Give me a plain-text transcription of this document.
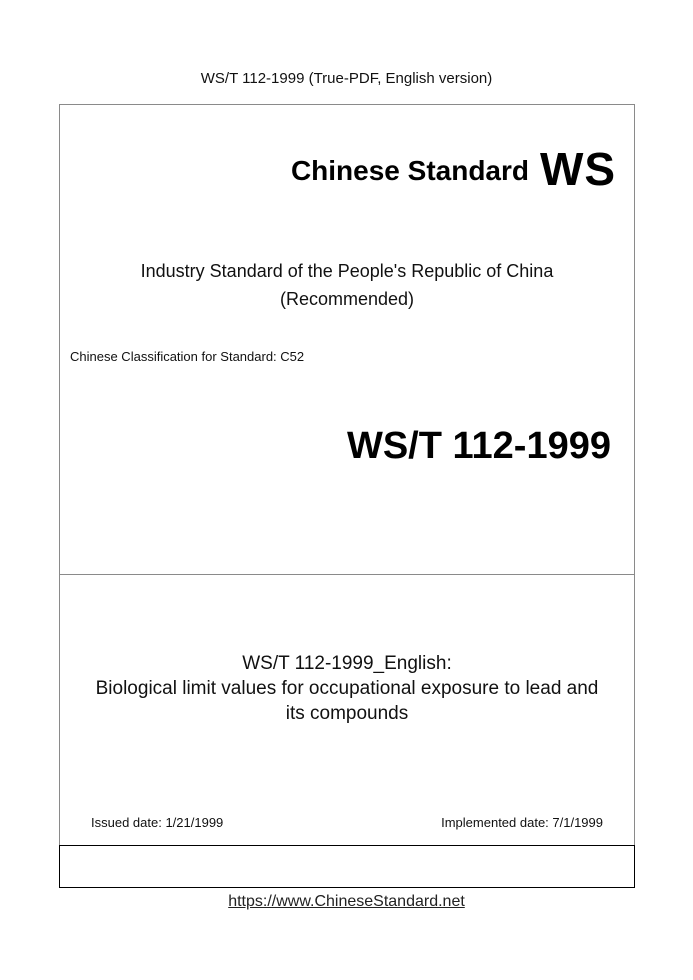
WS/T 112-1999 (True-PDF, English version)
Chinese Standard WS
Industry Standard of the People's Republic of China
(Recommended)
Chinese Classification for Standard: C52
WS/T 112-1999
WS/T 112-1999_English:
Biological limit values for occupational exposure to lead and
its compounds
Issued date: 1/21/1999	Implemented date: 7/1/1999
https://www.ChineseStandard.net
